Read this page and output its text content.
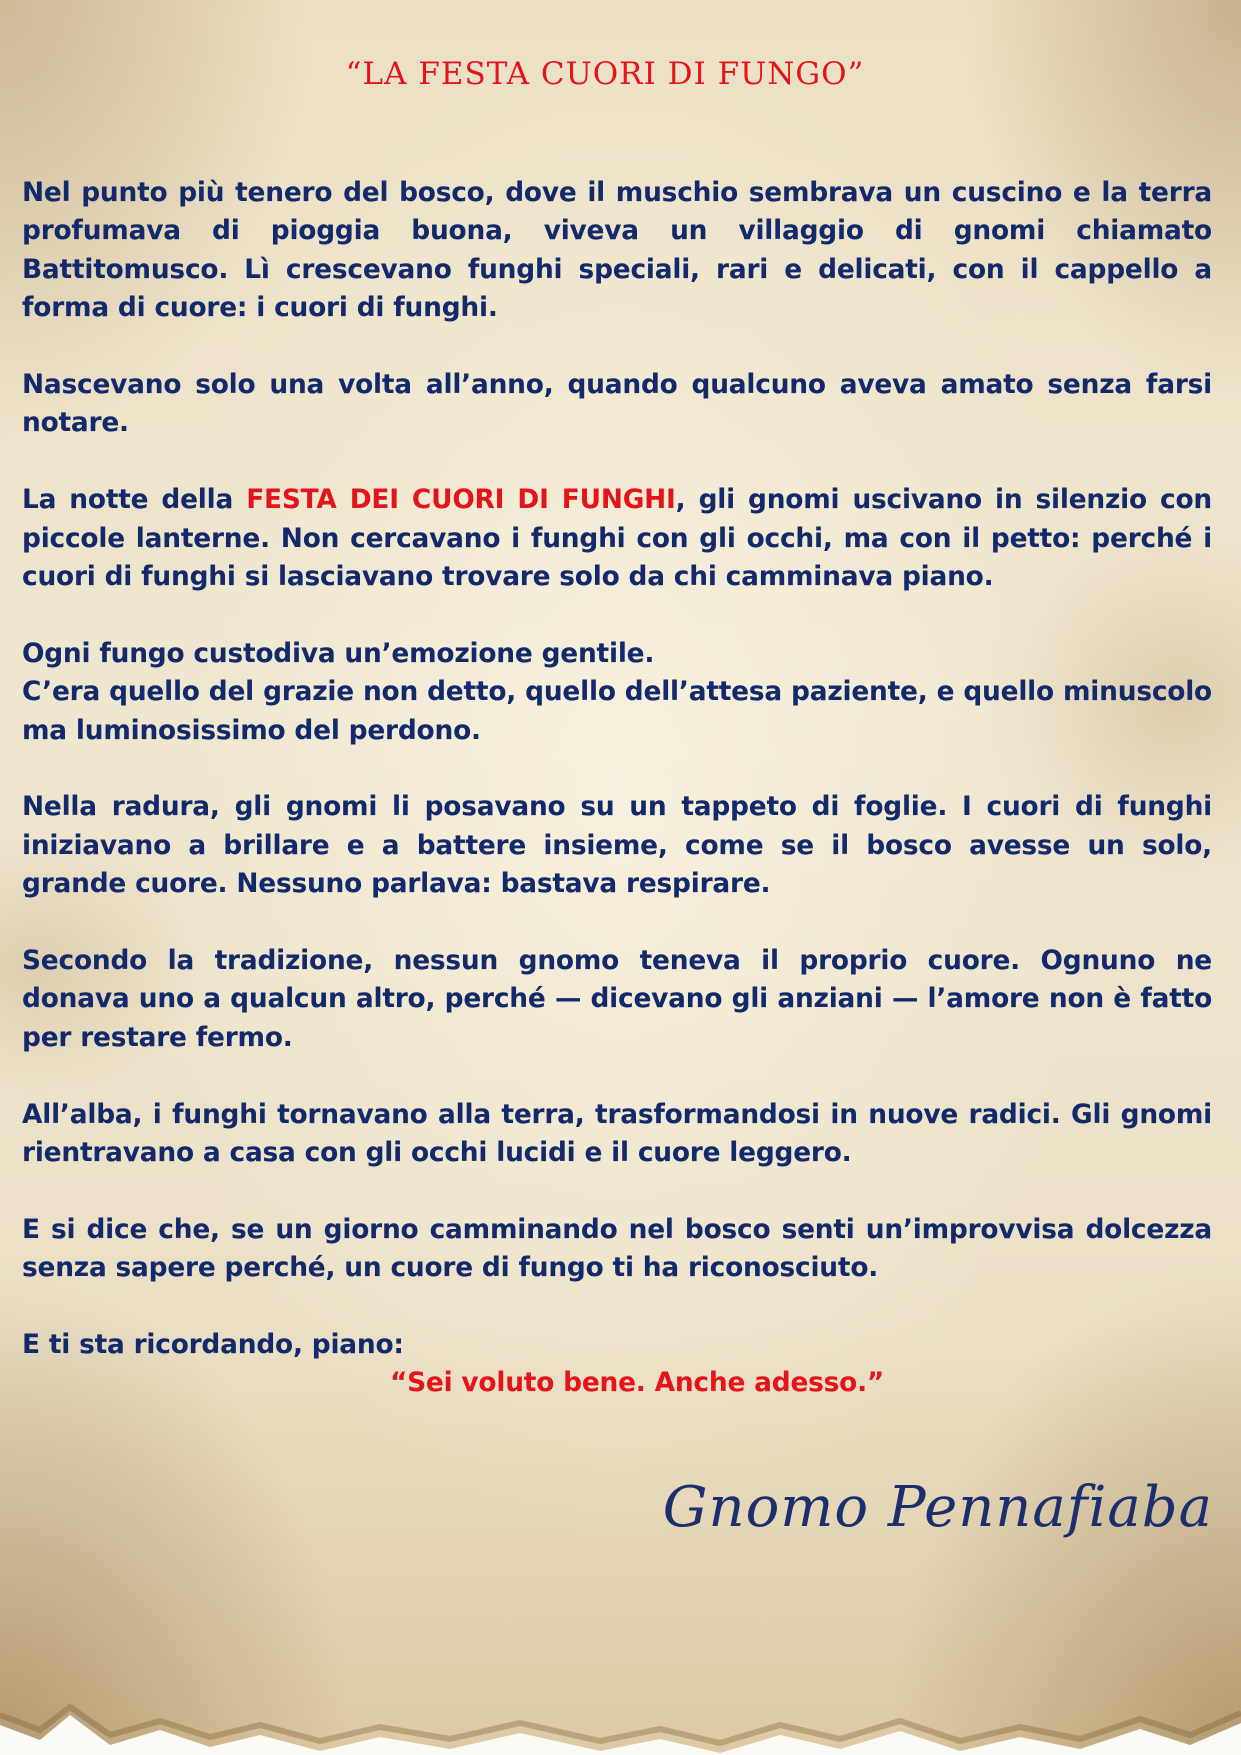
“LA FESTA CUORI DI FUNGO”

Nel punto più tenero del bosco, dove il muschio sembrava un cuscino e la terra profumava di pioggia buona, viveva un villaggio di gnomi chiamato Battitomusco. Lì crescevano funghi speciali, rari e delicati, con il cappello a forma di cuore: i cuori di funghi.

Nascevano solo una volta all’anno, quando qualcuno aveva amato senza farsi notare.

La notte della FESTA DEI CUORI DI FUNGHI, gli gnomi uscivano in silenzio con piccole lanterne. Non cercavano i funghi con gli occhi, ma con il petto: perché i cuori di funghi si lasciavano trovare solo da chi camminava piano.

Ogni fungo custodiva un’emozione gentile.

C’era quello del grazie non detto, quello dell’attesa paziente, e quello minuscolo ma luminosissimo del perdono.

Nella radura, gli gnomi li posavano su un tappeto di foglie. I cuori di funghi iniziavano a brillare e a battere insieme, come se il bosco avesse un solo, grande cuore. Nessuno parlava: bastava respirare.

Secondo la tradizione, nessun gnomo teneva il proprio cuore. Ognuno ne donava uno a qualcun altro, perché — dicevano gli anziani — l’amore non è fatto per restare fermo.

All’alba, i funghi tornavano alla terra, trasformandosi in nuove radici. Gli gnomi rientravano a casa con gli occhi lucidi e il cuore leggero.

E si dice che, se un giorno camminando nel bosco senti un’improvvisa dolcezza senza sapere perché, un cuore di fungo ti ha riconosciuto.

E ti sta ricordando, piano:

“Sei voluto bene. Anche adesso.”
Gnomo Pennafiaba
